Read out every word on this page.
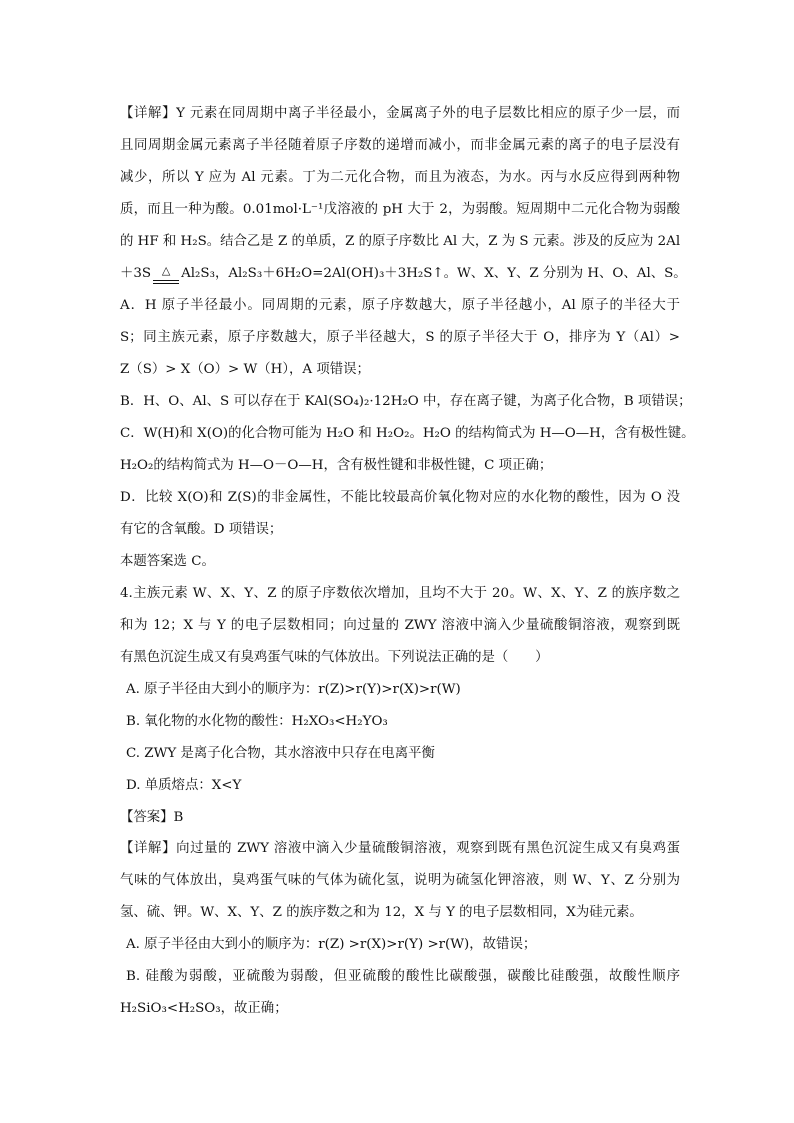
【详解】Y 元素在同周期中离子半径最小，金属离子外的电子层数比相应的原子少一层，而

且同周期金属元素离子半径随着原子序数的递增而减小，而非金属元素的离子的电子层没有

减少，所以 Y 应为 Al 元素。丁为二元化合物，而且为液态，为水。丙与水反应得到两种物

质，而且一种为酸。0.01mol·L⁻¹戊溶液的 pH 大于 2，为弱酸。短周期中二元化合物为弱酸

的 HF 和 H₂S。结合乙是 Z 的单质，Z 的原子序数比 Al 大，Z 为 S 元素。涉及的反应为 2Al

＋3S △ Al₂S₃，Al₂S₃＋6H₂O=2Al(OH)₃＋3H₂S↑。W、X、Y、Z 分别为 H、O、Al、S。

A．H 原子半径最小。同周期的元素，原子序数越大，原子半径越小，Al 原子的半径大于

S；同主族元素，原子序数越大，原子半径越大，S 的原子半径大于 O，排序为 Y（Al）>

Z（S）> X（O）> W（H），A 项错误；

B．H、O、Al、S 可以存在于 KAl(SO₄)₂·12H₂O 中，存在离子键，为离子化合物，B 项错误；

C．W(H)和 X(O)的化合物可能为 H₂O 和 H₂O₂。H₂O 的结构简式为 H—O—H，含有极性键。

H₂O₂的结构简式为 H—O－O—H，含有极性键和非极性键，C 项正确；

D．比较 X(O)和 Z(S)的非金属性，不能比较最高价氧化物对应的水化物的酸性，因为 O 没

有它的含氧酸。D 项错误；

本题答案选 C。

4.主族元素 W、X、Y、Z 的原子序数依次增加，且均不大于 20。W、X、Y、Z 的族序数之

和为 12；X 与 Y 的电子层数相同；向过量的 ZWY 溶液中滴入少量硫酸铜溶液，观察到既

有黑色沉淀生成又有臭鸡蛋气味的气体放出。下列说法正确的是（　　）

A. 原子半径由大到小的顺序为：r(Z)>r(Y)>r(X)>r(W)

B. 氧化物的水化物的酸性：H₂XO₃<H₂YO₃

C. ZWY 是离子化合物，其水溶液中只存在电离平衡

D. 单质熔点：X<Y

【答案】B

【详解】向过量的 ZWY 溶液中滴入少量硫酸铜溶液，观察到既有黑色沉淀生成又有臭鸡蛋

气味的气体放出，臭鸡蛋气味的气体为硫化氢，说明为硫氢化钾溶液，则 W、Y、Z 分别为

氢、硫、钾。W、X、Y、Z 的族序数之和为 12，X 与 Y 的电子层数相同，X为硅元素。

A. 原子半径由大到小的顺序为：r(Z) >r(X)>r(Y) >r(W)，故错误；

B. 硅酸为弱酸，亚硫酸为弱酸，但亚硫酸的酸性比碳酸强，碳酸比硅酸强，故酸性顺序

H₂SiO₃<H₂SO₃，故正确；
